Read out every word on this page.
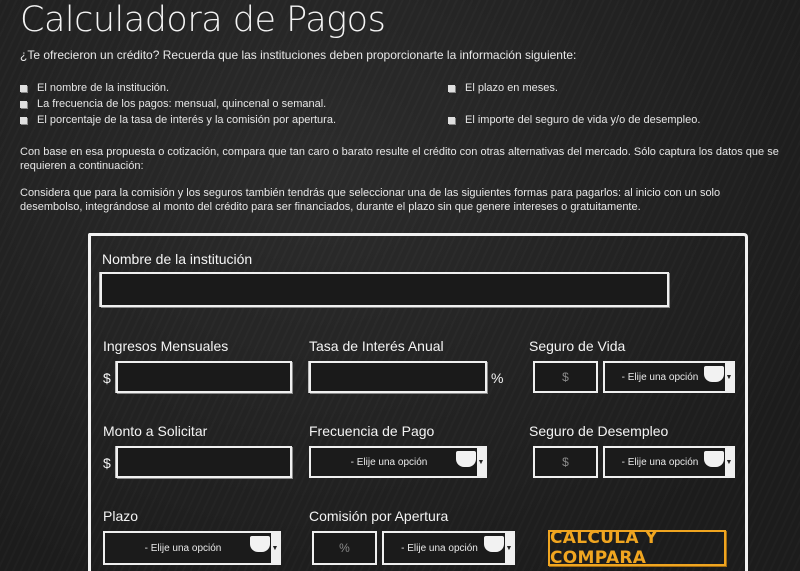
Calculadora de Pagos
¿Te ofrecieron un crédito? Recuerda que las instituciones deben proporcionarte la información siguiente:
El nombre de la institución.
La frecuencia de los pagos: mensual, quincenal o semanal.
El porcentaje de la tasa de interés y la comisión por apertura.
El plazo en meses.
El importe del seguro de vida y/o de desempleo.
Con base en esa propuesta o cotización, compara que tan caro o barato resulte el crédito con otras alternativas del mercado. Sólo captura los datos que se requieren a continuación:
Considera que para la comisión y los seguros también tendrás que seleccionar una de las siguientes formas para pagarlos: al inicio con un solo desembolso, integrándose al monto del crédito para ser financiados, durante el plazo sin que genere intereses o gratuitamente.
Nombre de la institución
Ingresos Mensuales
$
Tasa de Interés Anual
%
Seguro de Vida
$	- Elije una opción	▼
Monto a Solicitar
$
Frecuencia de Pago
- Elije una opción	▼
Seguro de Desempleo
$	- Elije una opción	▼
Plazo
- Elije una opción	▼
Comisión por Apertura
%	- Elije una opción	▼ CALCULA Y COMPARA
